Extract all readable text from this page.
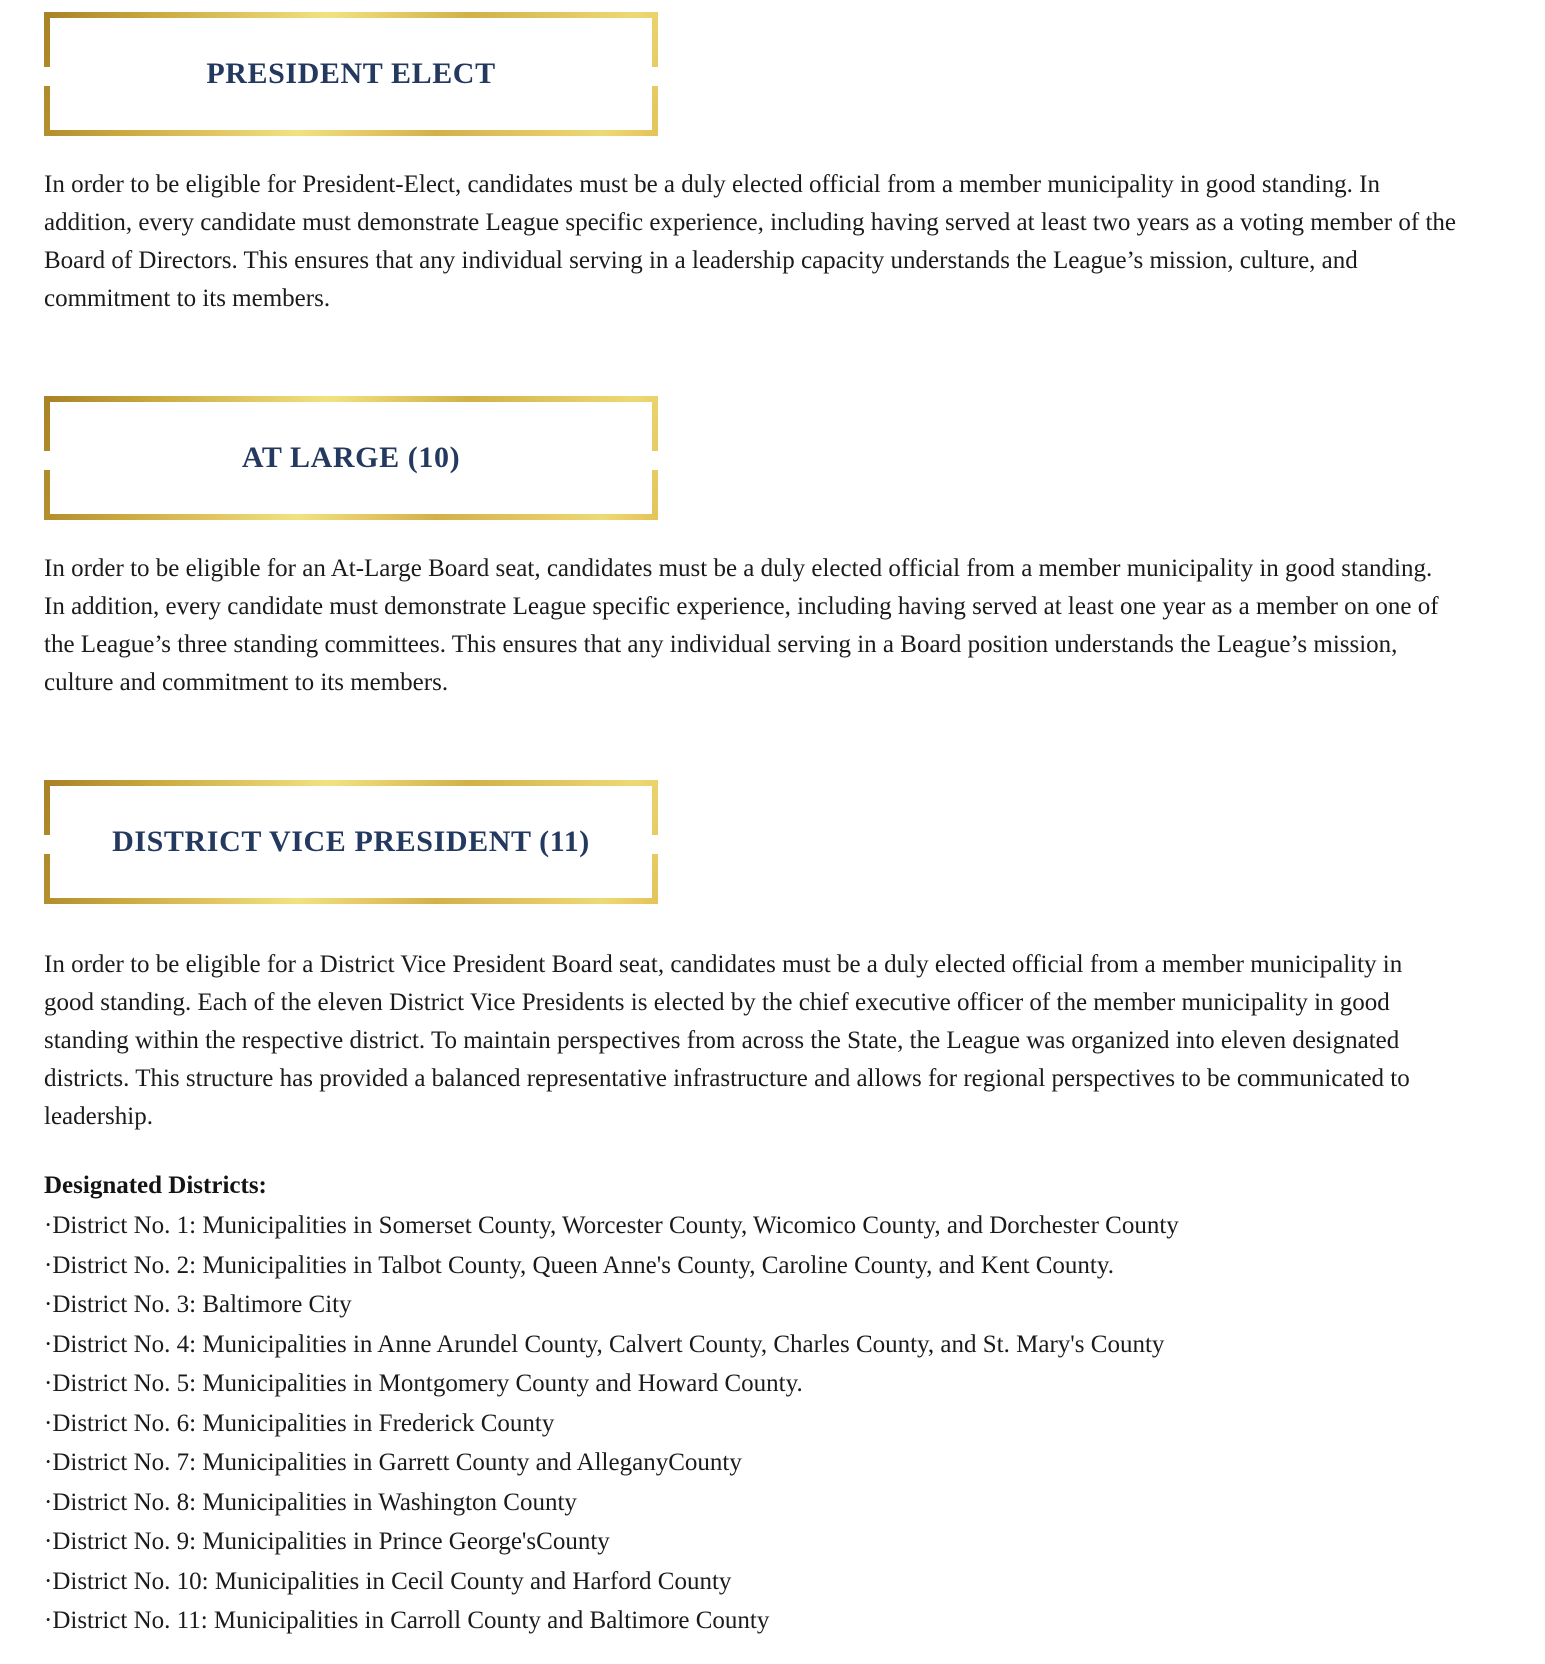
PRESIDENT ELECT

In order to be eligible for President-Elect, candidates must be a duly elected official from a member municipality in good standing. In addition, every candidate must demonstrate League specific experience, including having served at least two years as a voting member of the Board of Directors. This ensures that any individual serving in a leadership capacity understands the League’s mission, culture, and commitment to its members.

AT LARGE (10)

In order to be eligible for an At-Large Board seat, candidates must be a duly elected official from a member municipality in good standing. In addition, every candidate must demonstrate League specific experience, including having served at least one year as a member on one of the League’s three standing committees. This ensures that any individual serving in a Board position understands the League’s mission, culture and commitment to its members.

DISTRICT VICE PRESIDENT (11)

In order to be eligible for a District Vice President Board seat, candidates must be a duly elected official from a member municipality in good standing. Each of the eleven District Vice Presidents is elected by the chief executive officer of the member municipality in good standing within the respective district. To maintain perspectives from across the State, the League was organized into eleven designated districts. This structure has provided a balanced representative infrastructure and allows for regional perspectives to be communicated to leadership.

Designated Districts:

·District No. 1: Municipalities in Somerset County, Worcester County, Wicomico County, and Dorchester County
·District No. 2: Municipalities in Talbot County, Queen Anne's County, Caroline County, and Kent County.
·District No. 3: Baltimore City
·District No. 4: Municipalities in Anne Arundel County, Calvert County, Charles County, and St. Mary's County
·District No. 5: Municipalities in Montgomery County and Howard County.
·District No. 6: Municipalities in Frederick County
·District No. 7: Municipalities in Garrett County and AlleganyCounty
·District No. 8: Municipalities in Washington County
·District No. 9: Municipalities in Prince George'sCounty
·District No. 10: Municipalities in Cecil County and Harford County
·District No. 11: Municipalities in Carroll County and Baltimore County
